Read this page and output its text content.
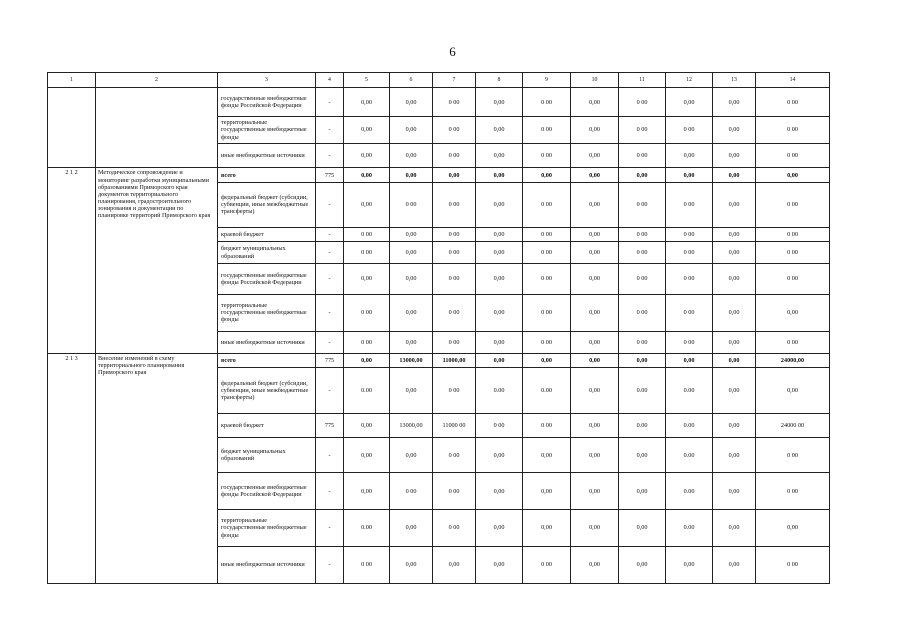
6
1	2	3	4	5	6	7	8	9	10	11	12	13	14
		государственные внебюджетные фонды Российской Федерации	-	0,00	0,00	0 00	0,00	0 00	0,00	0 00	0,00	0,00	0 00
		территориальные государственные внебюджетные фонды	-	0,00	0,00	0 00	0,00	0 00	0,00	0 00	0 00	0,00	0 00
		иные внебюджетные источники	-	0,00	0,00	0 00	0,00	0 00	0,00	0 00	0,00	0,00	0 00
2 1 2	Методическое сопровождение и мониторинг разработки муниципальными образованиями Приморского края документов территориального планирования, градостроительного зонирования и документации по планировке территорий Приморского края	всего	775	0,00	0,00	0,00	0,00	0,00	0,00	0,00	0,00	0,00	0,00
		федеральный бюджет (субсидии, субвенции, иные межбюджетные трансферты)	-	0,00	0 00	0 00	0,00	0 00	0,00	0 00	0 00	0,00	0 00
		краевой бюджет	-	0 00	0,00	0 00	0,00	0 00	0,00	0 00	0 00	0,00	0 00
		бюджет муниципальных образований	-	0 00	0,00	0 00	0,00	0 00	0,00	0 00	0 00	0,00	0 00
		государственные внебюджетные фонды Российской Федерации	-	0,00	0,00	0 00	0,00	0 00	0,00	0 00	0 00	0,00	0 00
		территориальные государственные внебюджетные фонды	-	0 00	0,00	0 00	0,00	0 00	0,00	0 00	0 00	0,00	0,00
		иные внебюджетные источники	-	0 00	0,00	0 00	0,00	0 00	0,00	0 00	0 00	0,00	0 00
2 1 3	Внесение изменений в схему территориального планирования Приморского края	всего	775	0,00	13000,00	11000,00	0,00	0,00	0,00	0,00	0,00	0,00	24000,00
		федеральный бюджет (субсидии, субвенции, иные межбюджетные трансферты)	-	0.00	0,00	0 00	0.00	0.00	0,00	0.00	0.00	0,00	0,00
		краевой бюджет	775	0,00	13000,00	11000 00	0 00	0 00	0,00	0.00	0.00	0,00	24000 00
		бюджет муниципальных образований	-	0,00	0,00	0 00	0,00	0,00	0,00	0,00	0.00	0,00	0 00
		государственные внебюджетные фонды Российской Федерации	-	0,00	0 00	0 00	0,00	0,00	0,00	0,00	0.00	0,00	0 00
		территориальные государственные внебюджетные фонды	-	0.00	0,00	0 00	0,00	0,00	0,00	0,00	0.00	0,00	0,00
		иные внебюджетные источники	-	0 00	0,00	0,00	0,00	0 00	0,00	0,00	0,00	0,00	0 00
